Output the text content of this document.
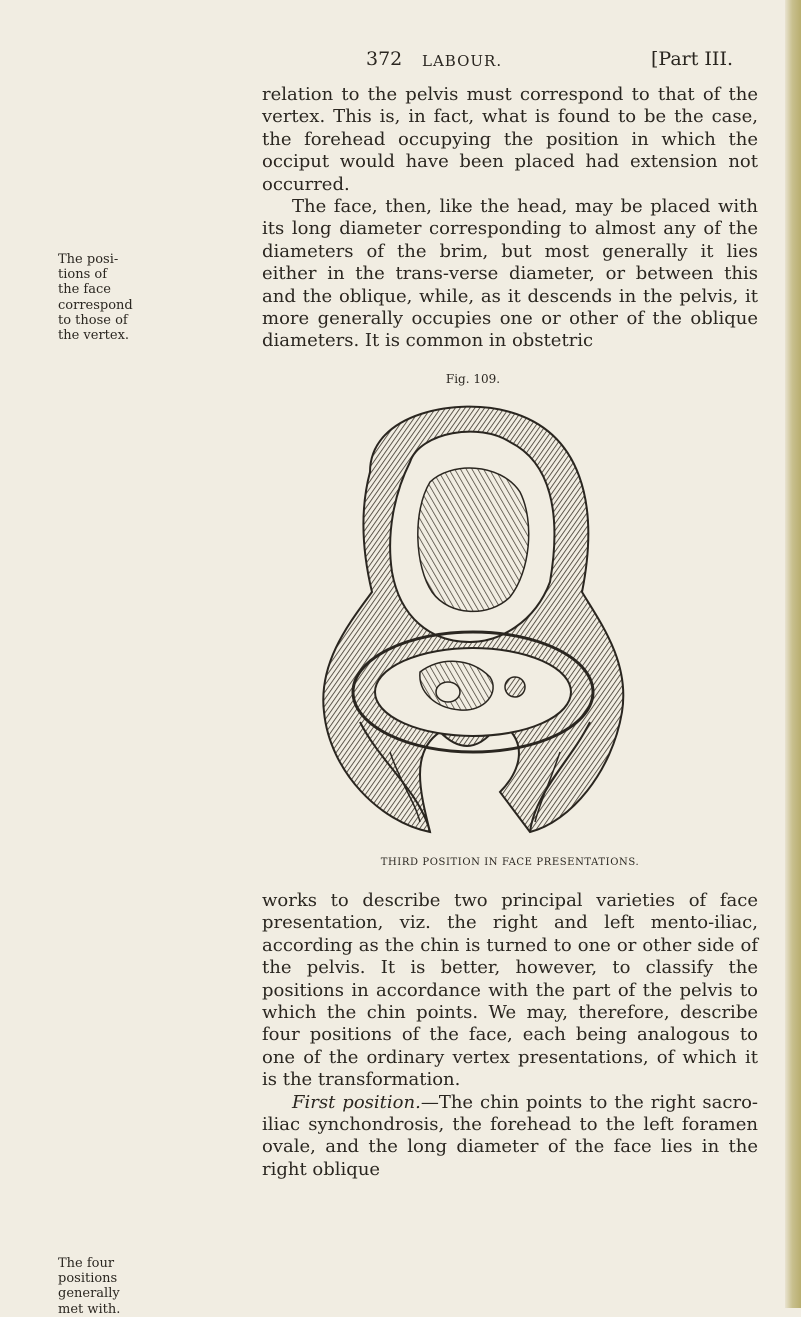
372 LABOUR.	[Part III.
The posi-tions of the face correspond to those of the vertex.
The four positions generally met with.

relation to the pelvis must correspond to that of the vertex. This is, in fact, what is found to be the case, the forehead occupying the position in which the occiput would have been placed had extension not occurred.

The face, then, like the head, may be placed with its long diameter corresponding to almost any of the diameters of the brim, but most generally it lies either in the trans-verse diameter, or between this and the oblique, while, as it descends in the pelvis, it more generally occupies one or other of the oblique diameters. It is common in obstetric

Fig. 109.
THIRD POSITION IN FACE PRESENTATIONS.

works to describe two principal varieties of face presentation, viz. the right and left mento-iliac, according as the chin is turned to one or other side of the pelvis. It is better, however, to classify the positions in accordance with the part of the pelvis to which the chin points. We may, therefore, describe four positions of the face, each being analogous to one of the ordinary vertex presentations, of which it is the transformation.

First position.—The chin points to the right sacro-iliac synchondrosis, the forehead to the left foramen ovale, and the long diameter of the face lies in the right oblique
